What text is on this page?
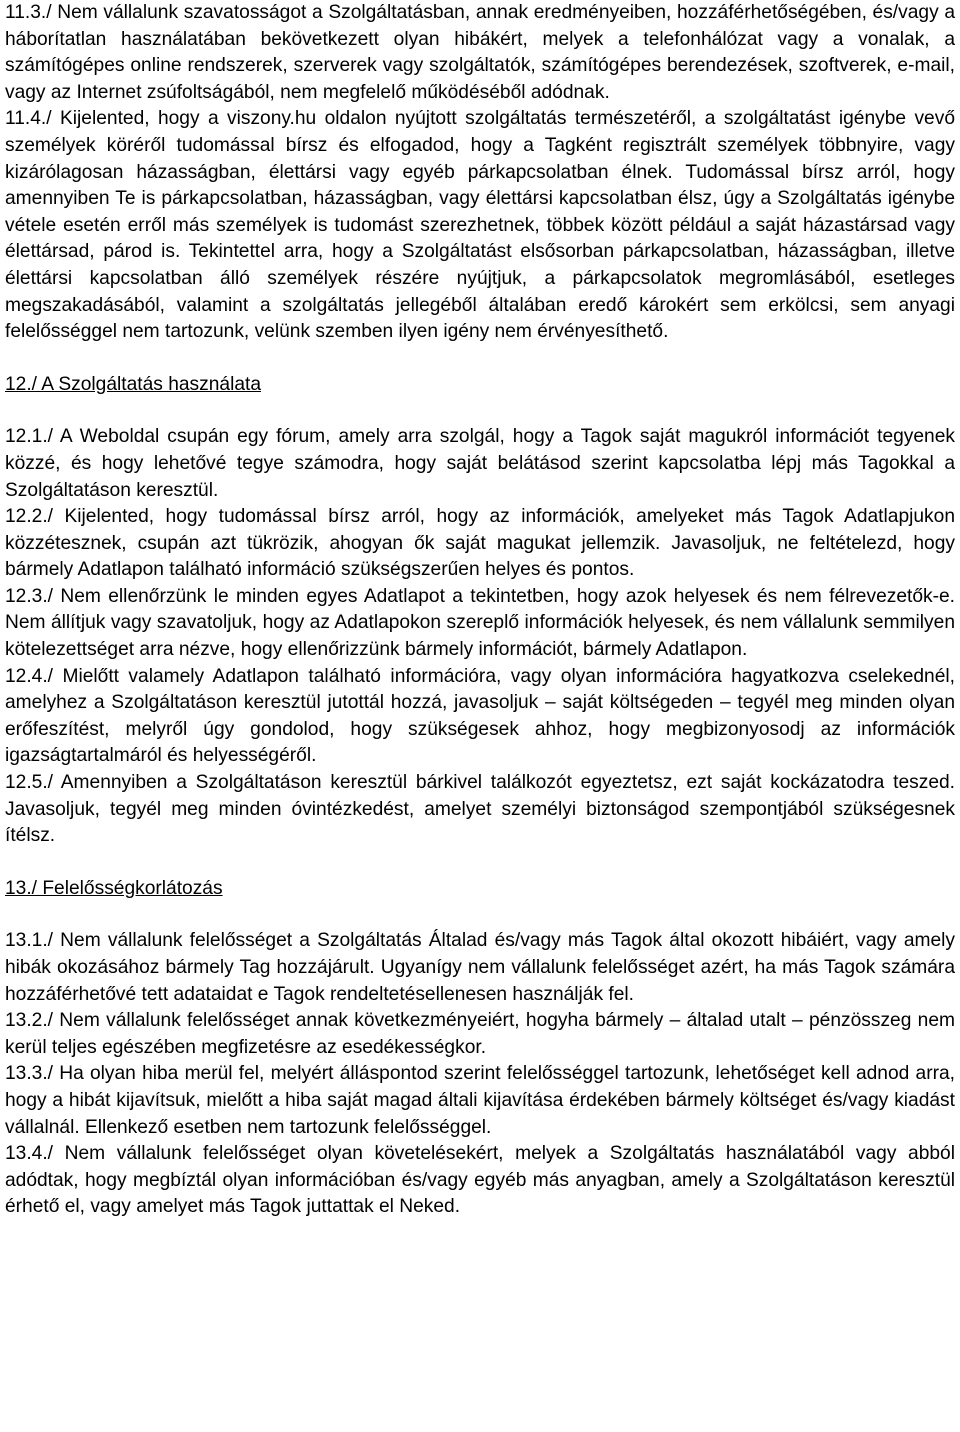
11.3./ Nem vállalunk szavatosságot a Szolgáltatásban, annak eredményeiben, hozzáférhetőségében, és/vagy a háborítatlan használatában bekövetkezett olyan hibákért, melyek a telefonhálózat vagy a vonalak, a számítógépes online rendszerek, szerverek vagy szolgáltatók, számítógépes berendezések, szoftverek, e-mail, vagy az Internet zsúfoltságából, nem megfelelő működéséből adódnak.

11.4./ Kijelented, hogy a viszony.hu oldalon nyújtott szolgáltatás természetéről, a szolgáltatást igénybe vevő személyek köréről tudomással bírsz és elfogadod, hogy a Tagként regisztrált személyek többnyire, vagy kizárólagosan házasságban, élettársi vagy egyéb párkapcsolatban élnek. Tudomással bírsz arról, hogy amennyiben Te is párkapcsolatban, házasságban, vagy élettársi kapcsolatban élsz, úgy a Szolgáltatás igénybe vétele esetén erről más személyek is tudomást szerezhetnek, többek között például a saját házastársad vagy élettársad, párod is. Tekintettel arra, hogy a Szolgáltatást elsősorban párkapcsolatban, házasságban, illetve élettársi kapcsolatban álló személyek részére nyújtjuk, a párkapcsolatok megromlásából, esetleges megszakadásából, valamint a szolgáltatás jellegéből általában eredő károkért sem erkölcsi, sem anyagi felelősséggel nem tartozunk, velünk szemben ilyen igény nem érvényesíthető.

12./ A Szolgáltatás használata

12.1./ A Weboldal csupán egy fórum, amely arra szolgál, hogy a Tagok saját magukról információt tegyenek közzé, és hogy lehetővé tegye számodra, hogy saját belátásod szerint kapcsolatba lépj más Tagokkal a Szolgáltatáson keresztül.

12.2./ Kijelented, hogy tudomással bírsz arról, hogy az információk, amelyeket más Tagok Adatlapjukon közzétesznek, csupán azt tükrözik, ahogyan ők saját magukat jellemzik. Javasoljuk, ne feltételezd, hogy bármely Adatlapon található információ szükségszerűen helyes és pontos.

12.3./ Nem ellenőrzünk le minden egyes Adatlapot a tekintetben, hogy azok helyesek és nem félrevezetők-e. Nem állítjuk vagy szavatoljuk, hogy az Adatlapokon szereplő információk helyesek, és nem vállalunk semmilyen kötelezettséget arra nézve, hogy ellenőrizzünk bármely információt, bármely Adatlapon.

12.4./ Mielőtt valamely Adatlapon található információra, vagy olyan információra hagyatkozva cselekednél, amelyhez a Szolgáltatáson keresztül jutottál hozzá, javasoljuk – saját költségeden – tegyél meg minden olyan erőfeszítést, melyről úgy gondolod, hogy szükségesek ahhoz, hogy megbizonyosodj az információk igazságtartalmáról és helyességéről.

12.5./ Amennyiben a Szolgáltatáson keresztül bárkivel találkozót egyeztetsz, ezt saját kockázatodra teszed. Javasoljuk, tegyél meg minden óvintézkedést, amelyet személyi biztonságod szempontjából szükségesnek ítélsz.

13./ Felelősségkorlátozás

13.1./ Nem vállalunk felelősséget a Szolgáltatás Általad és/vagy más Tagok által okozott hibáiért, vagy amely hibák okozásához bármely Tag hozzájárult. Ugyanígy nem vállalunk felelősséget azért, ha más Tagok számára hozzáférhetővé tett adataidat e Tagok rendeltetésellenesen használják fel.

13.2./ Nem vállalunk felelősséget annak következményeiért, hogyha bármely – általad utalt – pénzösszeg nem kerül teljes egészében megfizetésre az esedékességkor.

13.3./ Ha olyan hiba merül fel, melyért álláspontod szerint felelősséggel tartozunk, lehetőséget kell adnod arra, hogy a hibát kijavítsuk, mielőtt a hiba saját magad általi kijavítása érdekében bármely költséget és/vagy kiadást vállalnál. Ellenkező esetben nem tartozunk felelősséggel.

13.4./ Nem vállalunk felelősséget olyan követelésekért, melyek a Szolgáltatás használatából vagy abból adódtak, hogy megbíztál olyan információban és/vagy egyéb más anyagban, amely a Szolgáltatáson keresztül érhető el, vagy amelyet más Tagok juttattak el Neked.
